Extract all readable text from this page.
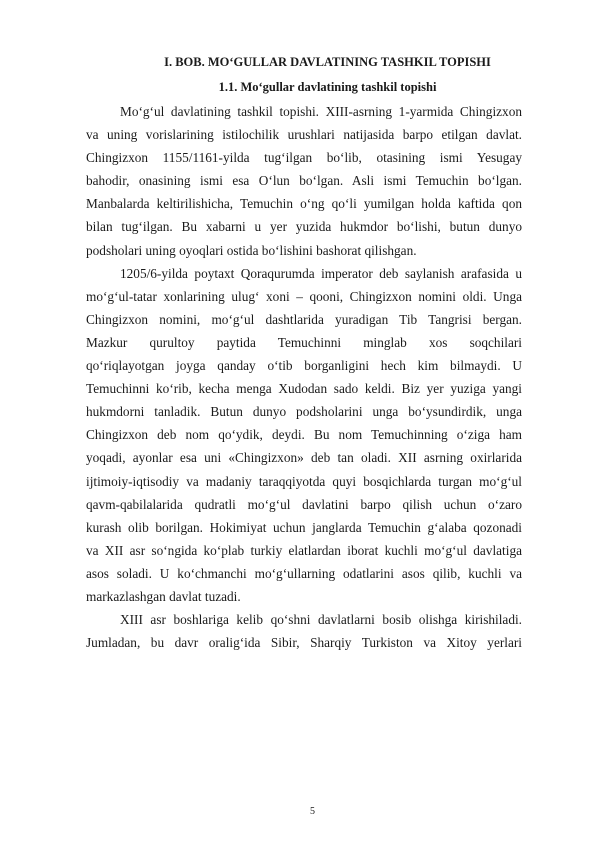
I. BOB. MO‘GULLAR DAVLATINING TASHKIL TOPISHI
1.1. Mo‘gullar davlatining tashkil topishi
Mo‘g‘ul davlatining tashkil topishi. XIII-asrning 1-yarmida Chingizxon
va uning vorislarining istilochilik urushlari natijasida barpo etilgan davlat.
Chingizxon 1155/1161-yilda tug‘ilgan bo‘lib, otasining ismi Yesugay
bahodir, onasining ismi esa O‘lun bo‘lgan. Asli ismi Temuchin bo‘lgan.
Manbalarda keltirilishicha, Temuchin o‘ng qo‘li yumilgan holda kaftida qon
bilan tug‘ilgan. Bu xabarni u yer yuzida hukmdor bo‘lishi, butun dunyo
podsholari uning oyoqlari ostida bo‘lishini bashorat qilishgan.
1205/6-yilda poytaxt Qoraqurumda imperator deb saylanish arafasida u
mo‘g‘ul-tatar xonlarining ulug‘ xoni – qooni, Chingizxon nomini oldi. Unga
Chingizxon nomini, mo‘g‘ul dashtlarida yuradigan Tib Tangrisi bergan.
Mazkur qurultoy paytida Temuchinni minglab xos soqchilari
qo‘riqlayotgan joyga qanday o‘tib borganligini hech kim bilmaydi. U
Temuchinni ko‘rib, kecha menga Xudodan sado keldi. Biz yer yuziga yangi
hukmdorni tanladik. Butun dunyo podsholarini unga bo‘ysundirdik, unga
Chingizxon deb nom qo‘ydik, deydi. Bu nom Temuchinning o‘ziga ham
yoqadi, ayonlar esa uni «Chingizxon» deb tan oladi. XII asrning oxirlarida
ijtimoiy-iqtisodiy va madaniy taraqqiyotda quyi bosqichlarda turgan mo‘g‘ul
qavm-qabilalarida qudratli mo‘g‘ul davlatini barpo qilish uchun o‘zaro
kurash olib borilgan. Hokimiyat uchun janglarda Temuchin g‘alaba qozonadi
va XII asr so‘ngida ko‘plab turkiy elatlardan iborat kuchli mo‘g‘ul davlatiga
asos soladi. U ko‘chmanchi mo‘g‘ullarning odatlarini asos qilib, kuchli va
markazlashgan davlat tuzadi.
XIII asr boshlariga kelib qo‘shni davlatlarni bosib olishga kirishiladi.
Jumladan, bu davr oralig‘ida Sibir, Sharqiy Turkiston va Xitoy yerlari
5
